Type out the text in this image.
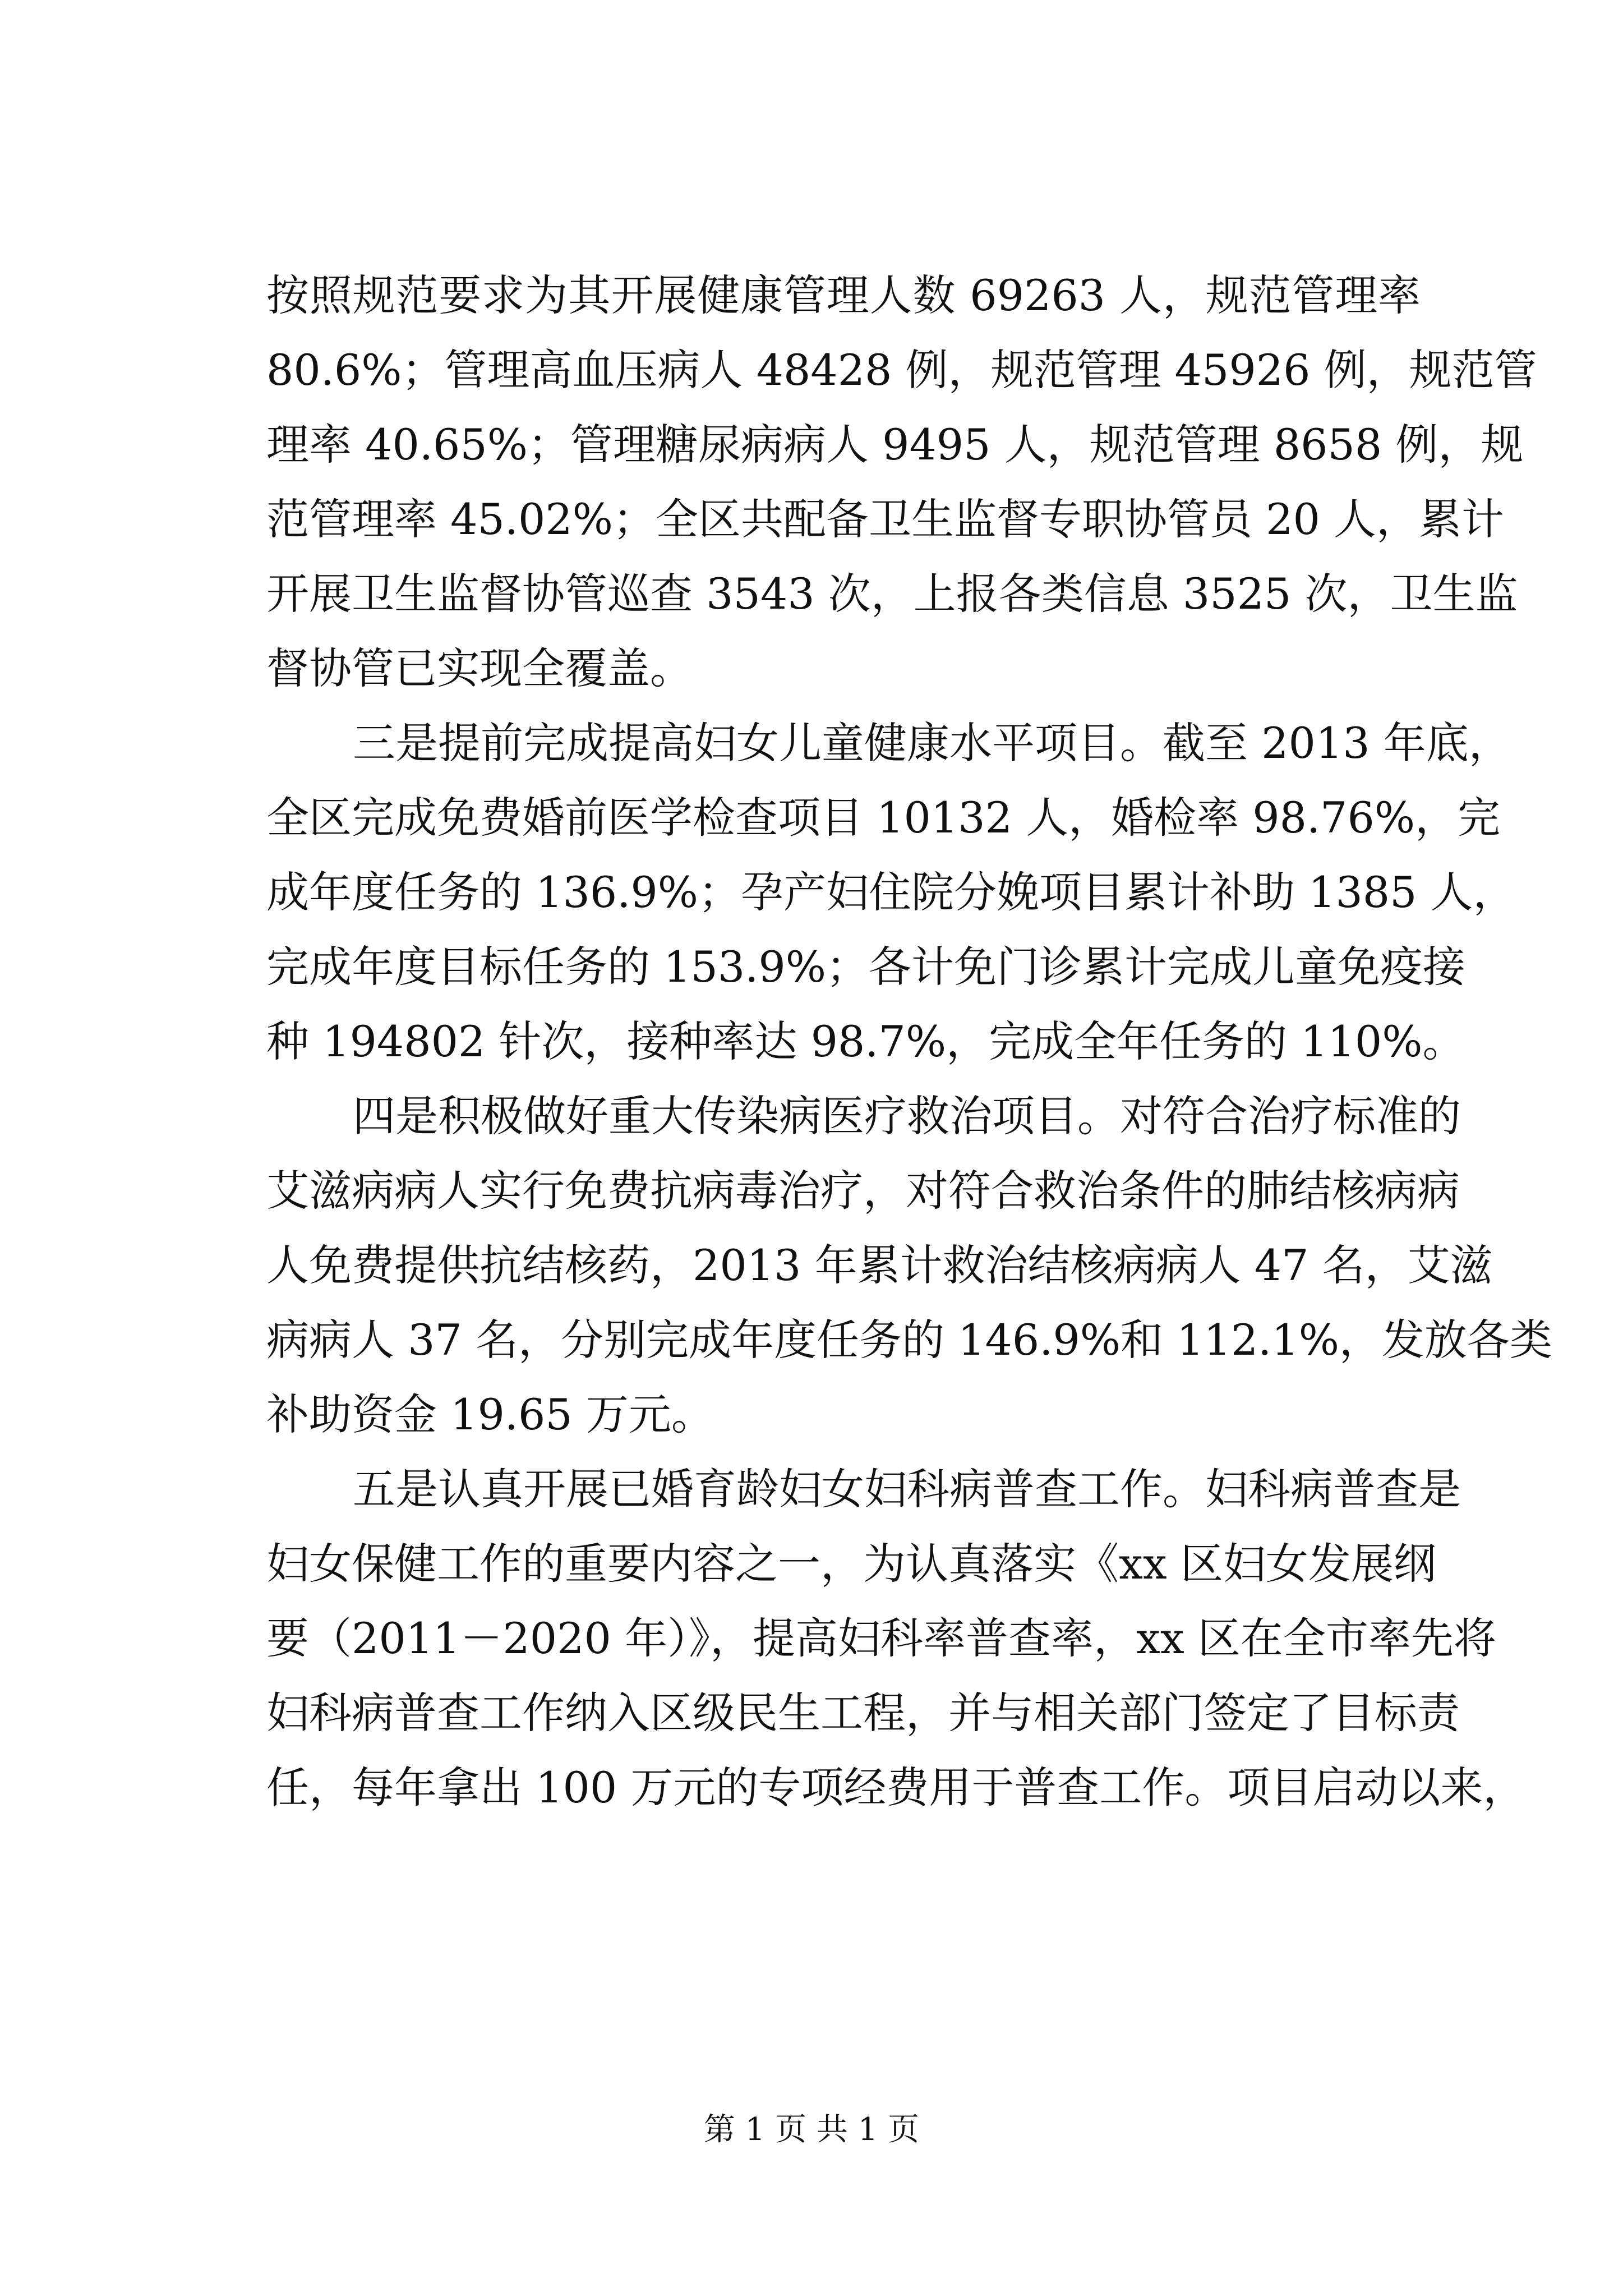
按照规范要求为其开展健康管理人数 69263 人，规范管理率
80.6%；管理高血压病人 48428 例，规范管理 45926 例，规范管
理率 40.65%；管理糖尿病病人 9495 人，规范管理 8658 例，规
范管理率 45.02%；全区共配备卫生监督专职协管员 20 人，累计
开展卫生监督协管巡查 3543 次，上报各类信息 3525 次，卫生监
督协管已实现全覆盖。
三是提前完成提高妇女儿童健康水平项目。截至 2013 年底，
全区完成免费婚前医学检查项目 10132 人，婚检率 98.76%，完
成年度任务的 136.9%；孕产妇住院分娩项目累计补助 1385 人，
完成年度目标任务的 153.9%；各计免门诊累计完成儿童免疫接
种 194802 针次，接种率达 98.7%，完成全年任务的 110%。
四是积极做好重大传染病医疗救治项目。对符合治疗标准的
艾滋病病人实行免费抗病毒治疗，对符合救治条件的肺结核病病
人免费提供抗结核药，2013 年累计救治结核病病人 47 名，艾滋
病病人 37 名，分别完成年度任务的 146.9%和 112.1%，发放各类
补助资金 19.65 万元。
五是认真开展已婚育龄妇女妇科病普查工作。妇科病普查是
妇女保健工作的重要内容之一，为认真落实《xx 区妇女发展纲
要（2011－2020 年）》，提高妇科率普查率，xx 区在全市率先将
妇科病普查工作纳入区级民生工程，并与相关部门签定了目标责
任，每年拿出 100 万元的专项经费用于普查工作。项目启动以来，
第 1 页 共 1 页
